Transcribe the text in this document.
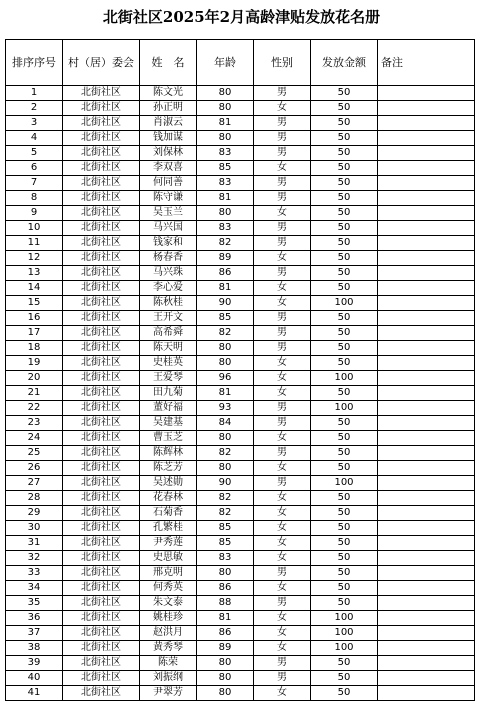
北街社区2025年2月高龄津贴发放花名册
排序序号	村（居）委会	姓　名	年龄	性别	发放金额	备注
1	北街社区	陈文光	80	男	50	
2	北街社区	孙正明	80	女	50	
3	北街社区	肖淑云	81	男	50	
4	北街社区	钱加谋	80	男	50	
5	北街社区	刘保林	83	男	50	
6	北街社区	李双喜	85	女	50	
7	北街社区	何同善	83	男	50	
8	北街社区	陈守谦	81	男	50	
9	北街社区	吴玉兰	80	女	50	
10	北街社区	马兴国	83	男	50	
11	北街社区	钱家和	82	男	50	
12	北街社区	杨春香	89	女	50	
13	北街社区	马兴珠	86	男	50	
14	北街社区	李心爱	81	女	50	
15	北街社区	陈秋桂	90	女	100	
16	北街社区	王开文	85	男	50	
17	北街社区	高希舜	82	男	50	
18	北街社区	陈天明	80	男	50	
19	北街社区	史桂英	80	女	50	
20	北街社区	王爱琴	96	女	100	
21	北街社区	田九菊	81	女	50	
22	北街社区	董好福	93	男	100	
23	北街社区	吴建基	84	男	50	
24	北街社区	曹玉芝	80	女	50	
25	北街社区	陈辉林	82	男	50	
26	北街社区	陈芝芳	80	女	50	
27	北街社区	吴述勋	90	男	100	
28	北街社区	花春林	82	女	50	
29	北街社区	石菊香	82	女	50	
30	北街社区	孔繁桂	85	女	50	
31	北街社区	尹秀莲	85	女	50	
32	北街社区	史思敏	83	女	50	
33	北街社区	邢克明	80	男	50	
34	北街社区	何秀英	86	女	50	
35	北街社区	朱文泰	88	男	50	
36	北街社区	姚桂珍	81	女	100	
37	北街社区	赵洪月	86	女	100	
38	北街社区	黄秀琴	89	女	100	
39	北街社区	陈荣	80	男	50	
40	北街社区	刘振纲	80	男	50	
41	北街社区	尹翠芳	80	女	50	
